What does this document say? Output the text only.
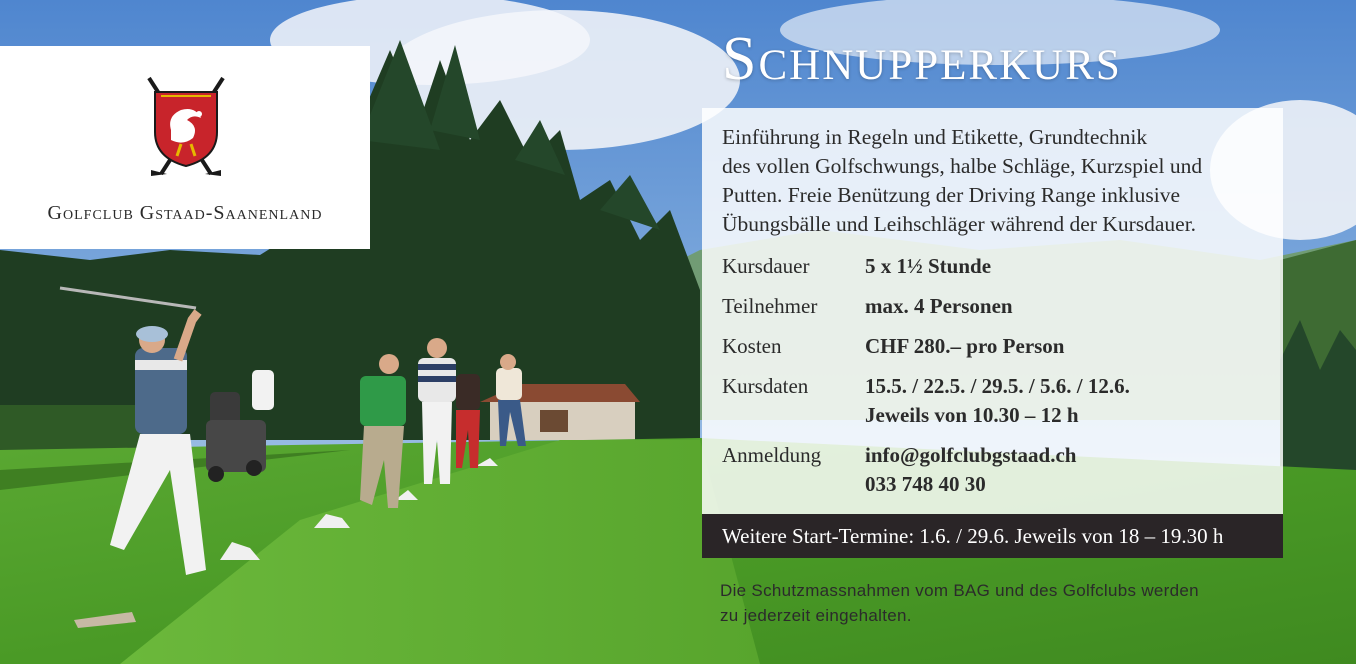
Golfclub Gstaad-Saanenland
Schnupperkurs
Einführung in Regeln und Etikette, Grundtechnik
des vollen Golfschwungs, halbe Schläge, Kurzspiel und
Putten. Freie Benützung der Driving Range inklusive
Übungsbälle und Leihschläger während der Kursdauer.
Kursdauer	5 x 1½ Stunde
Teilnehmer max. 4 Personen
Kosten	CHF 280.– pro Person
Kursdaten	15.5. / 22.5. / 29.5. / 5.6. / 12.6.
Jeweils von 10.30 – 12 h
Anmeldung info@golfclubgstaad.ch
033 748 40 30
Weitere Start-Termine: 1.6. / 29.6. Jeweils von 18 – 19.30 h
Die Schutzmassnahmen vom BAG und des Golfclubs werden
zu jederzeit eingehalten.
